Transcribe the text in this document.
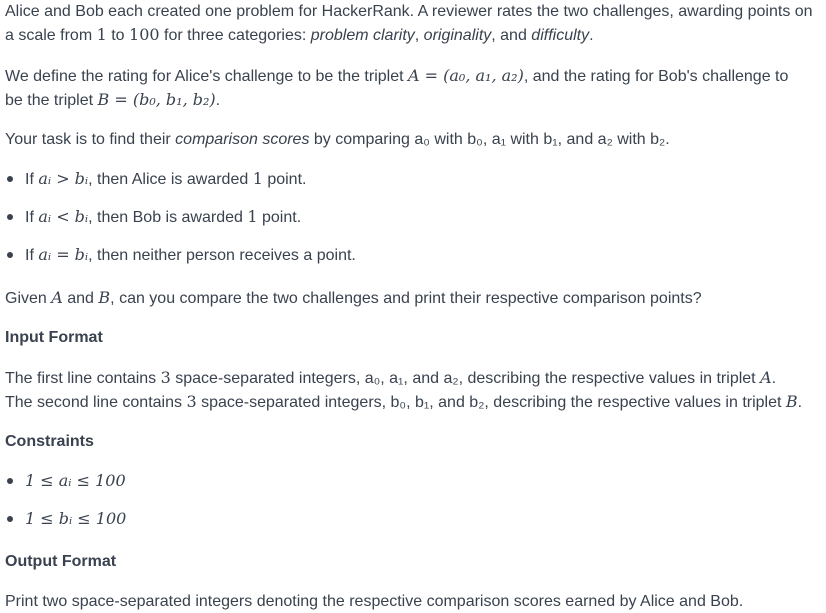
Alice and Bob each created one problem for HackerRank. A reviewer rates the two challenges, awarding points on
a scale from 1 to 100 for three categories: problem clarity, originality, and difficulty.
We define the rating for Alice's challenge to be the triplet A = (a₀, a₁, a₂), and the rating for Bob's challenge to
be the triplet B = (b₀, b₁, b₂).
Your task is to find their comparison scores by comparing a₀ with b₀, a₁ with b₁, and a₂ with b₂.
If aᵢ > bᵢ, then Alice is awarded 1 point.
If aᵢ < bᵢ, then Bob is awarded 1 point.
If aᵢ = bᵢ, then neither person receives a point.
Given A and B, can you compare the two challenges and print their respective comparison points?
Input Format
The first line contains 3 space-separated integers, a₀, a₁, and a₂, describing the respective values in triplet A.
The second line contains 3 space-separated integers, b₀, b₁, and b₂, describing the respective values in triplet B.
Constraints
1 ≤ aᵢ ≤ 100
1 ≤ bᵢ ≤ 100
Output Format
Print two space-separated integers denoting the respective comparison scores earned by Alice and Bob.
